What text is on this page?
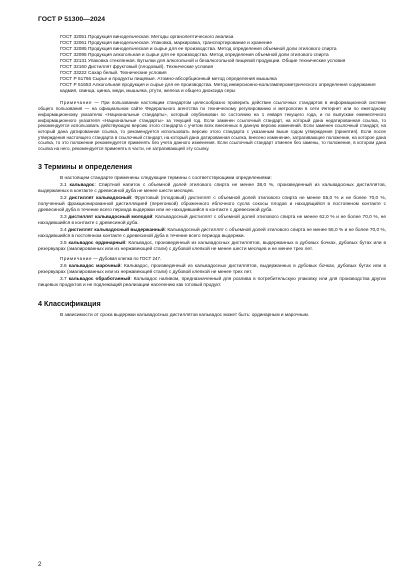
ГОСТ Р 51300—2024
ГОСТ 32051 Продукция винодельческая. Методы органолептического анализа
ГОСТ 32061 Продукция винодельческая. Упаковка, маркировка, транспортирование и хранение
ГОСТ 32085 Продукция винодельческая и сырье для ее производства. Метод определения объемной доли этилового спирта
ГОСТ 32095 Продукция алкогольная и сырье для ее производства. Метод определения объемной доли этилового спирта
ГОСТ 32131 Упаковка стеклянная. Бутылки для алкогольной и безалкогольной пищевой продукции. Общие технические условия
ГОСТ 32160 Дистиллят фруктовый (плодовый). Технические условия
ГОСТ 33222 Сахар белый. Технические условия
ГОСТ Р 51766 Сырье и продукты пищевые. Атомно-абсорбционный метод определения мышьяка
ГОСТ Р 51653 Алкогольная продукция и сырье для ее производства. Метод инверсионно-вольтамперометрического определения содержания кадмия, свинца, цинка, меди, мышьяка, ртути, железа и общего диоксида серы
Примечание — При пользовании настоящим стандартом целесообразно проверить действие ссылочных стандартов в информационной системе общего пользования — на официальном сайте Федерального агентства по техническому регулированию и метрологии в сети Интернет или по ежегодному информационному указателю «Национальные стандарты», который опубликован по состоянию на 1 января текущего года, и по выпускам ежемесячного информационного указателя «Национальные стандарты» за текущий год. Если заменен ссылочный стандарт, на который дана недатированная ссылка, то рекомендуется использовать действующую версию этого стандарта с учетом всех внесенных в данную версию изменений. Если заменен ссылочный стандарт, на который дана датированная ссылка, то рекомендуется использовать версию этого стандарта с указанным выше годом утверждения (принятия). Если после утверждения настоящего стандарта в ссылочный стандарт, на который дана датированная ссылка, внесено изменение, затрагивающее положение, на которое дана ссылка, то это положение рекомендуется применять без учета данного изменения. Если ссылочный стандарт отменен без замены, то положение, в котором дана ссылка на него, рекомендуется применять в части, не затрагивающей эту ссылку.
3 Термины и определения

В настоящем стандарте применены следующие термины с соответствующими определениями:

3.1 кальвадос: Спиртной напиток с объемной долей этилового спирта не менее 38,0 %, произведенный из кальвадосных дистиллятов, выдержанных в контакте с древесиной дуба не менее шести месяцев.

3.2 дистиллят кальвадосный: Фруктовый (плодовый) дистиллят с объемной долей этилового спирта не менее 55,0 % и не более 70,0 %, полученный фракционированной дистилляцией (перегонкой) сброженного яблочного сусла сокосы плодов и находящийся в постоянном контакте с древесиной дуба в течение всего периода выдержки или не находившийся в контакте с древесиной дуба.

3.3 дистиллят кальвадосный молодой: Кальвадосный дистиллят с объемной долей этилового спирта не менее 62,0 % и не более 70,0 %, не находившийся в контакте с древесиной дуба.

3.4 дистиллят кальвадосный выдержанный: Кальвадосный дистиллят с объемной долей этилового спирта не менее 55,0 % и не более 70,0 %, находившийся в постоянном контакте с древесиной дуба в течение всего периода выдержки.

3.5 кальвадос ординарный: Кальвадос, произведенный из кальвадосных дистиллятов, выдержанных в дубовых бочках, дубовых бутах или в резервуарах (эмалированных или из нержавеющей стали) с дубовой клепкой не менее шести месяцев и не менее трех лет.

Примечание — Дубовая клепка по ГОСТ 247.

3.6 кальвадос марочный: Кальвадос, произведенный из кальвадосных дистиллятов, выдержанных в дубовых бочках, дубовых бутах или в резервуарах (эмалированных или из нержавеющей стали) с дубовой клепкой не менее трех лет.

3.7 кальвадос обработанный: Кальвадос наливом, предназначенный для розлива в потребительскую упаковку или для производства других пищевых продуктов и не подлежащий реализации населению как готовый продукт.

4 Классификация

В зависимости от срока выдержки кальвадосных дистиллятов кальвадос может быть: ординарным и марочным.

2
